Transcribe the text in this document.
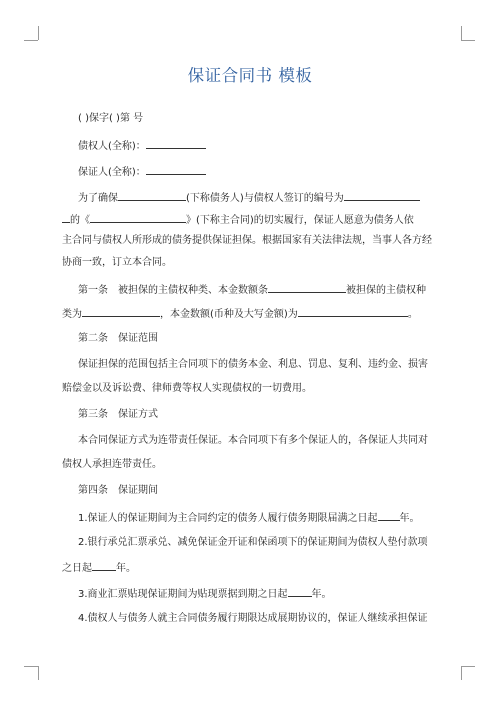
保证合同书 模板
( )保字( )第 号
债权人(全称)：
保证人(全称)：
为了确保	(下称债务人)与债权人签订的编号为
的《	》(下称主合同)的切实履行，保证人愿意为债务人依
主合同与债权人所形成的债务提供保证担保。根据国家有关法律法规，当事人各方经
协商一致，订立本合同。
第一条　被担保的主债权种类、本金数额条	被担保的主债权种
类为	，本金数额(币种及大写金额)为	。
第二条　保证范围
保证担保的范围包括主合同项下的债务本金、利息、罚息、复利、违约金、损害
赔偿金以及诉讼费、律师费等权人实现债权的一切费用。
第三条　保证方式
本合同保证方式为连带责任保证。本合同项下有多个保证人的，各保证人共同对
债权人承担连带责任。
第四条　保证期间
1.保证人的保证期间为主合同约定的债务人履行债务期限届满之日起 年。
2.银行承兑汇票承兑、减免保证金开证和保函项下的保证期间为债权人垫付款项
之日起 年。
3.商业汇票贴现保证期间为贴现票据到期之日起 年。
4.债权人与债务人就主合同债务履行期限达成展期协议的，保证人继续承担保证
